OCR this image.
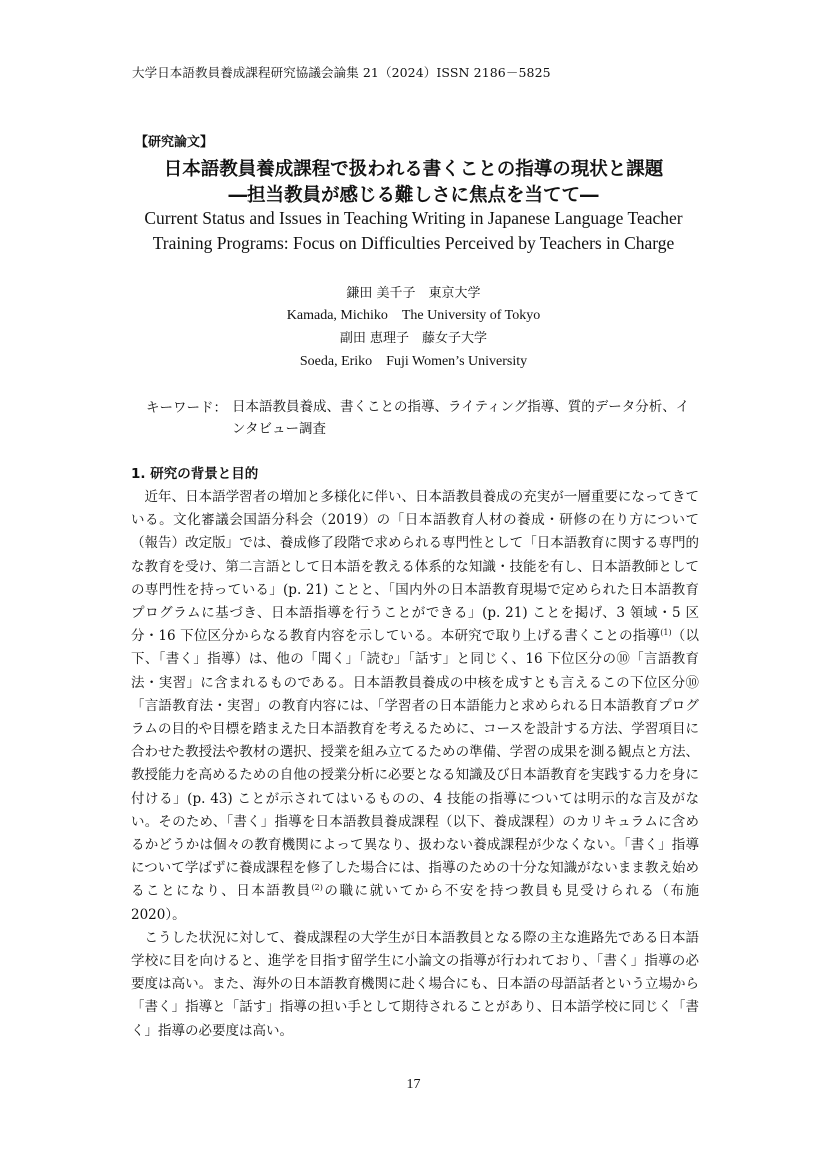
大学日本語教員養成課程研究協議会論集 21（2024）ISSN 2186－5825
【研究論文】
日本語教員養成課程で扱われる書くことの指導の現状と課題
―担当教員が感じる難しさに焦点を当てて―
Current Status and Issues in Teaching Writing in Japanese Language Teacher
Training Programs: Focus on Difficulties Perceived by Teachers in Charge
鎌田 美千子　東京大学
Kamada, Michiko　The University of Tokyo
副田 恵理子　藤女子大学
Soeda, Eriko　Fuji Women’s University
キーワード： 日本語教員養成、書くことの指導、ライティング指導、質的データ分析、インタビュー調査
1. 研究の背景と目的

近年、日本語学習者の増加と多様化に伴い、日本語教員養成の充実が一層重要になってきている。文化審議会国語分科会（2019）の「日本語教育人材の養成・研修の在り方について（報告）改定版」では、養成修了段階で求められる専門性として「日本語教育に関する専門的な教育を受け、第二言語として日本語を教える体系的な知識・技能を有し、日本語教師としての専門性を持っている」(p. 21) ことと、「国内外の日本語教育現場で定められた日本語教育プログラムに基づき、日本語指導を行うことができる」(p. 21) ことを掲げ、3 領域・5 区分・16 下位区分からなる教育内容を示している。本研究で取り上げる書くことの指導$^{(1)}$（以下、「書く」指導）は、他の「聞く」「読む」「話す」と同じく、16 下位区分の⑩「言語教育法・実習」に含まれるものである。日本語教員養成の中核を成すとも言えるこの下位区分⑩「言語教育法・実習」の教育内容には、「学習者の日本語能力と求められる日本語教育プログラムの目的や目標を踏まえた日本語教育を考えるために、コースを設計する方法、学習項目に合わせた教授法や教材の選択、授業を組み立てるための準備、学習の成果を測る観点と方法、教授能力を高めるための自他の授業分析に必要となる知識及び日本語教育を実践する力を身に付ける」(p. 43) ことが示されてはいるものの、4 技能の指導については明示的な言及がない。そのため、「書く」指導を日本語教員養成課程（以下、養成課程）のカリキュラムに含めるかどうかは個々の教育機関によって異なり、扱わない養成課程が少なくない。「書く」指導について学ばずに養成課程を修了した場合には、指導のための十分な知識がないまま教え始めることになり、日本語教員$^{(2)}$の職に就いてから不安を持つ教員も見受けられる（布施 2020）。

こうした状況に対して、養成課程の大学生が日本語教員となる際の主な進路先である日本語学校に目を向けると、進学を目指す留学生に小論文の指導が行われており、「書く」指導の必要度は高い。また、海外の日本語教育機関に赴く場合にも、日本語の母語話者という立場から「書く」指導と「話す」指導の担い手として期待されることがあり、日本語学校に同じく「書く」指導の必要度は高い。

17
